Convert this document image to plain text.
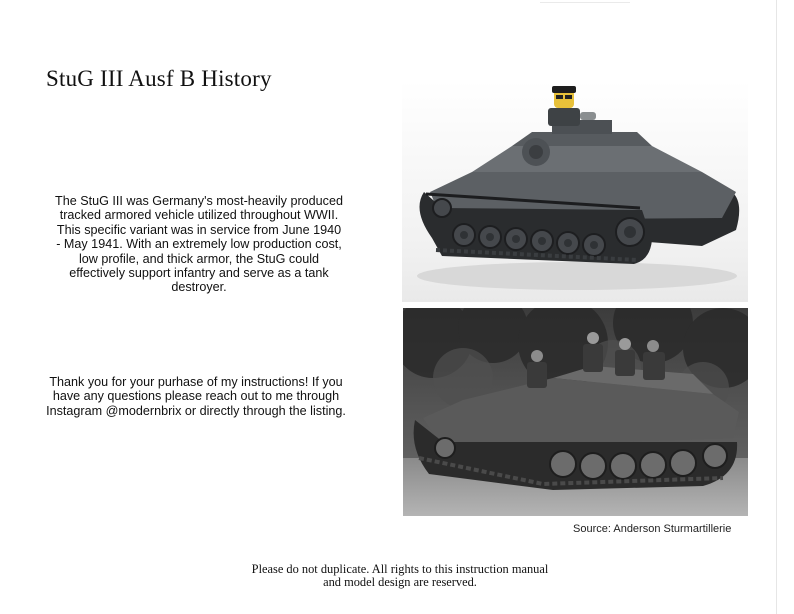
StuG III Ausf B History
The StuG III was Germany's most-heavily produced tracked armored vehicle utilized throughout WWII. This specific variant was in service from June 1940 - May 1941. With an extremely low production cost, low profile, and thick armor, the StuG could effectively support infantry and serve as a tank destroyer.
Thank you for your purhase of my instructions! If you have any questions please reach out to me through Instagram @modernbrix or directly through the listing.
Source: Anderson Sturmartillerie
Please do not duplicate. All rights to this instruction manual
and model design are reserved.
